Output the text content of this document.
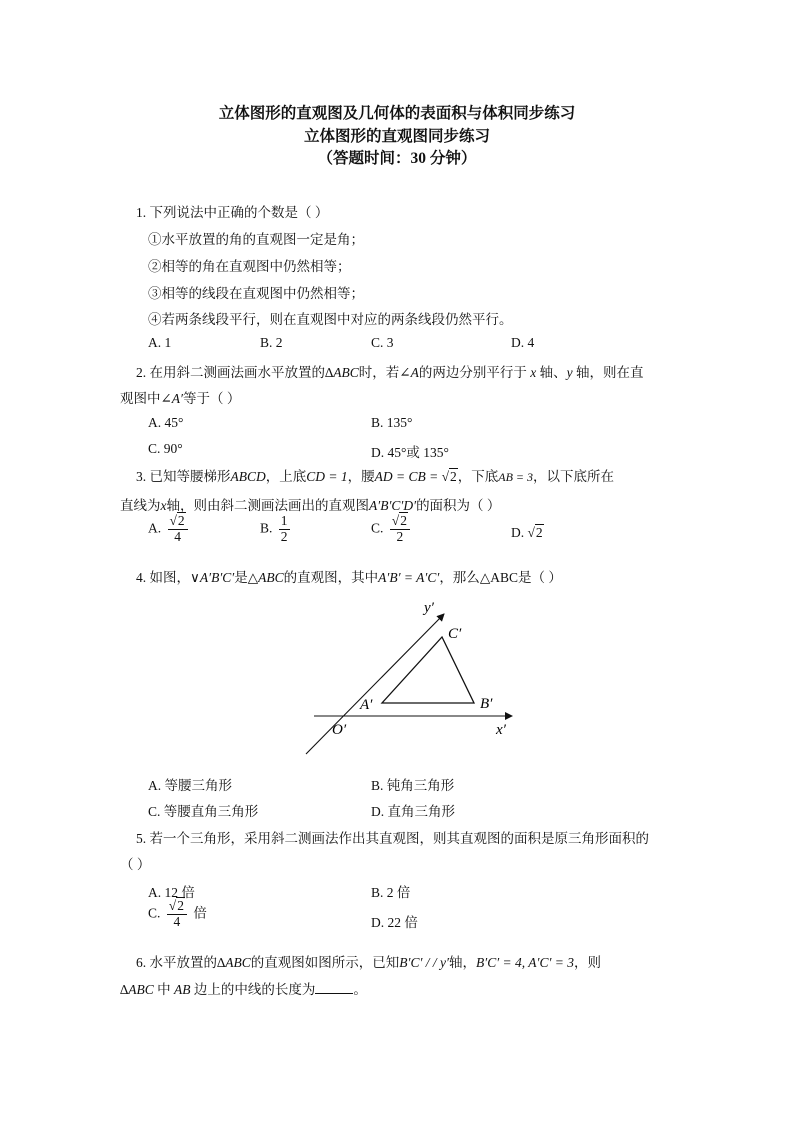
立体图形的直观图及几何体的表面积与体积同步练习
立体图形的直观图同步练习
（答题时间：30 分钟）
1. 下列说法中正确的个数是（ ）
①水平放置的角的直观图一定是角；
②相等的角在直观图中仍然相等；
③相等的线段在直观图中仍然相等；
④若两条线段平行，则在直观图中对应的两条线段仍然平行。
A. 1	B. 2	C. 3	D. 4
2. 在用斜二测画法画水平放置的∆ABC时，若∠A的两边分别平行于 x 轴、y 轴，则在直
观图中∠A′等于（ ）
A. 45°	B. 135°
C. 90°	D. 45°或 135°
3. 已知等腰梯形ABCD，上底CD = 1，腰AD = CB = √2，下底AB = 3，以下底所在
直线为x轴，则由斜二测画法画出的直观图A′B′C′D′的面积为（ ）
A. $\frac{√2}{4}$	B. $\frac{1}{2}$	C. $\frac{√2}{2}$	D. √2
4. 如图，∨A′B′C′是△ABC的直观图，其中A′B′ = A′C′，那么△ABC是（ ）
y′
x′
O′
A′	B′
C′
A. 等腰三角形	B. 钝角三角形
C. 等腰直角三角形	D. 直角三角形
5. 若一个三角形，采用斜二测画法作出其直观图，则其直观图的面积是原三角形面积的
（ ）
A. 12 倍	B. 2 倍
C. $\frac{√2}{4}$ 倍
D. 22 倍
6. 水平放置的∆ABC的直观图如图所示，已知B′C′ / / y′轴，B′C′ = 4, A′C′ = 3，则
∆ABC 中 AB 边上的中线的长度为	。
